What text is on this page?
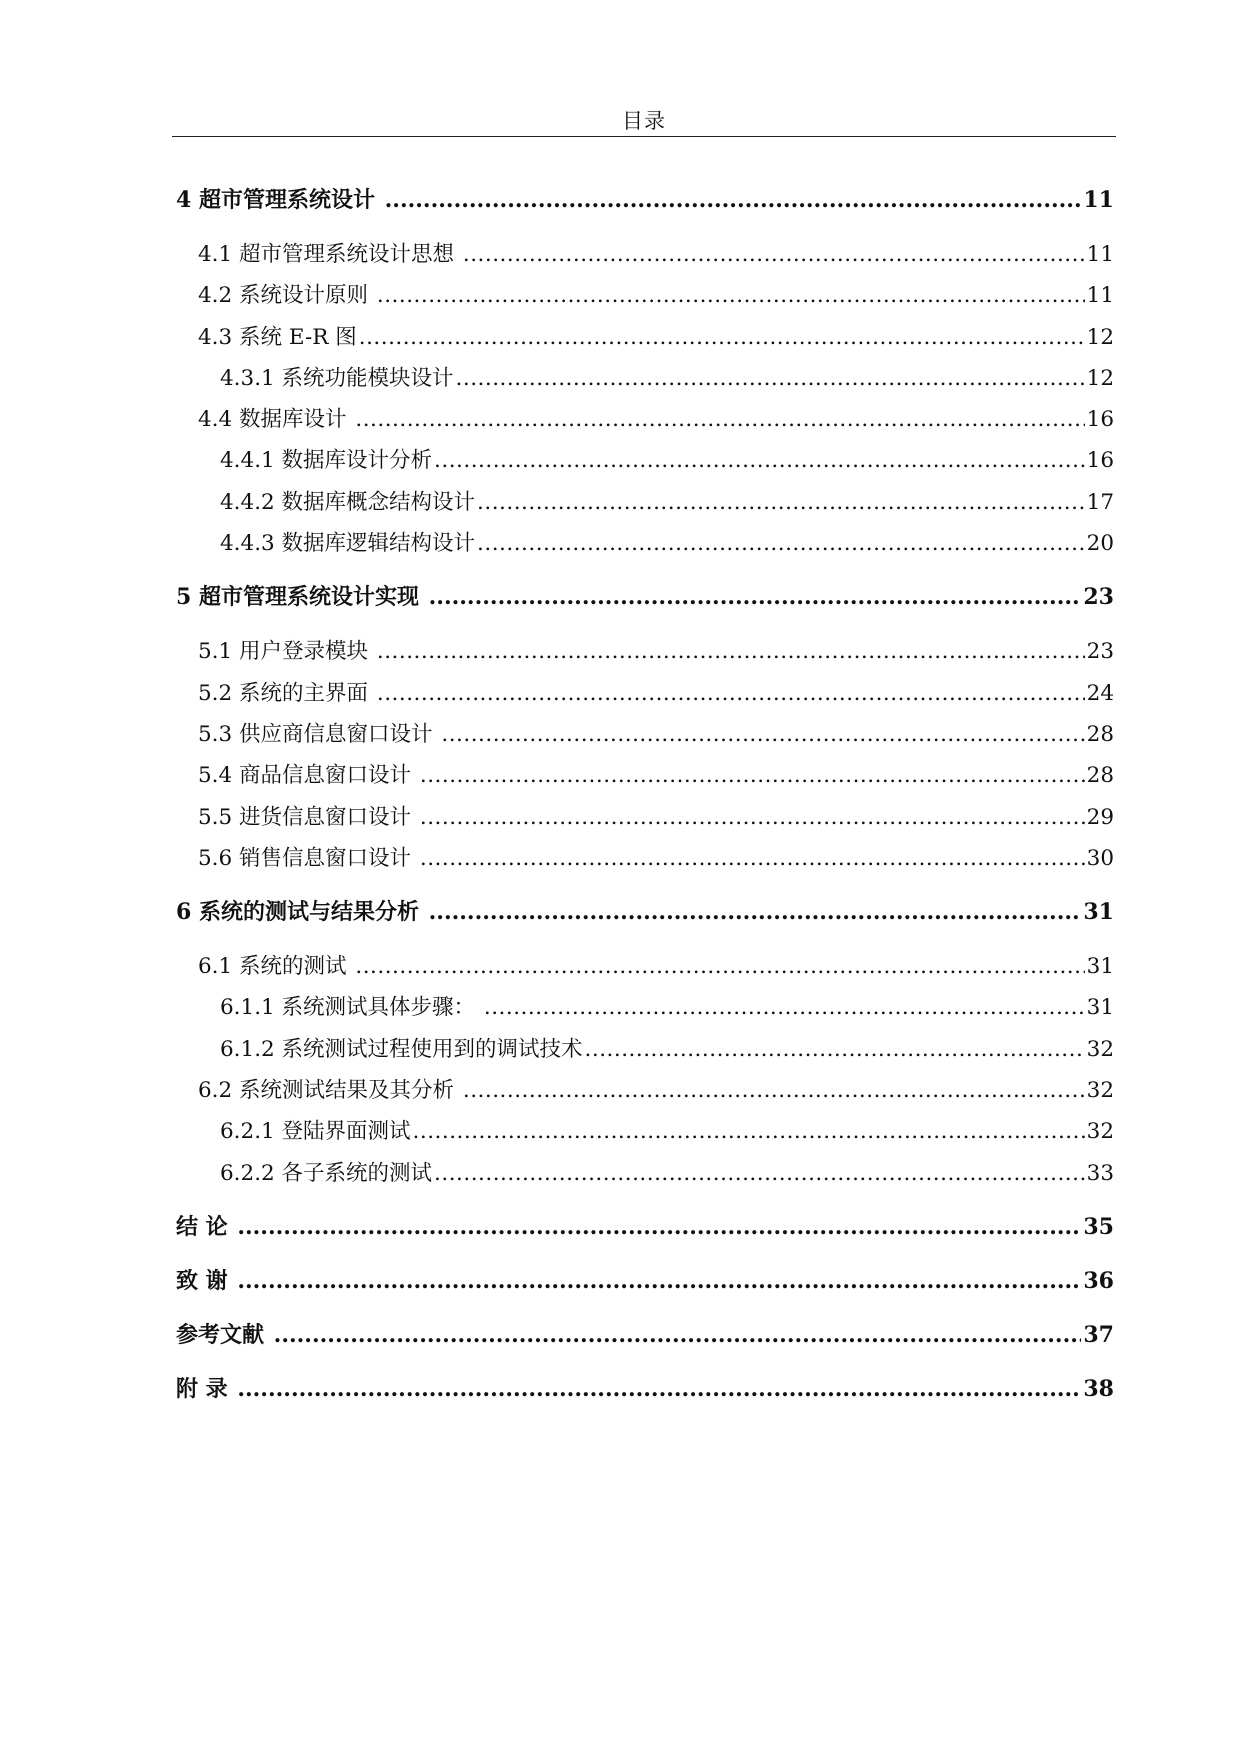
目录
4 超市管理系统设计 .....	11
4.1 超市管理系统设计思想 .....	11
4.2 系统设计原则 .....	11
4.3 系统 E-R 图 .....	12
4.3.1 系统功能模块设计 .....	12
4.4 数据库设计 .....	16
4.4.1 数据库设计分析 .....	16
4.4.2 数据库概念结构设计 .....	17
4.4.3 数据库逻辑结构设计 .....	20
5 超市管理系统设计实现 .....	23
5.1 用户登录模块 .....	23
5.2 系统的主界面 .....	24
5.3 供应商信息窗口设计 .....	28
5.4 商品信息窗口设计 .....	28
5.5 进货信息窗口设计 .....	29
5.6 销售信息窗口设计 .....	30
6 系统的测试与结果分析 .....	31
6.1 系统的测试 .....	31
6.1.1 系统测试具体步骤： .....	31
6.1.2 系统测试过程使用到的调试技术 .....	32
6.2 系统测试结果及其分析 .....	32
6.2.1 登陆界面测试 .....	32
6.2.2 各子系统的测试 .....	33
结 论 .....	35
致 谢 .....	36
参考文献 .....	37
附 录 .....	38
